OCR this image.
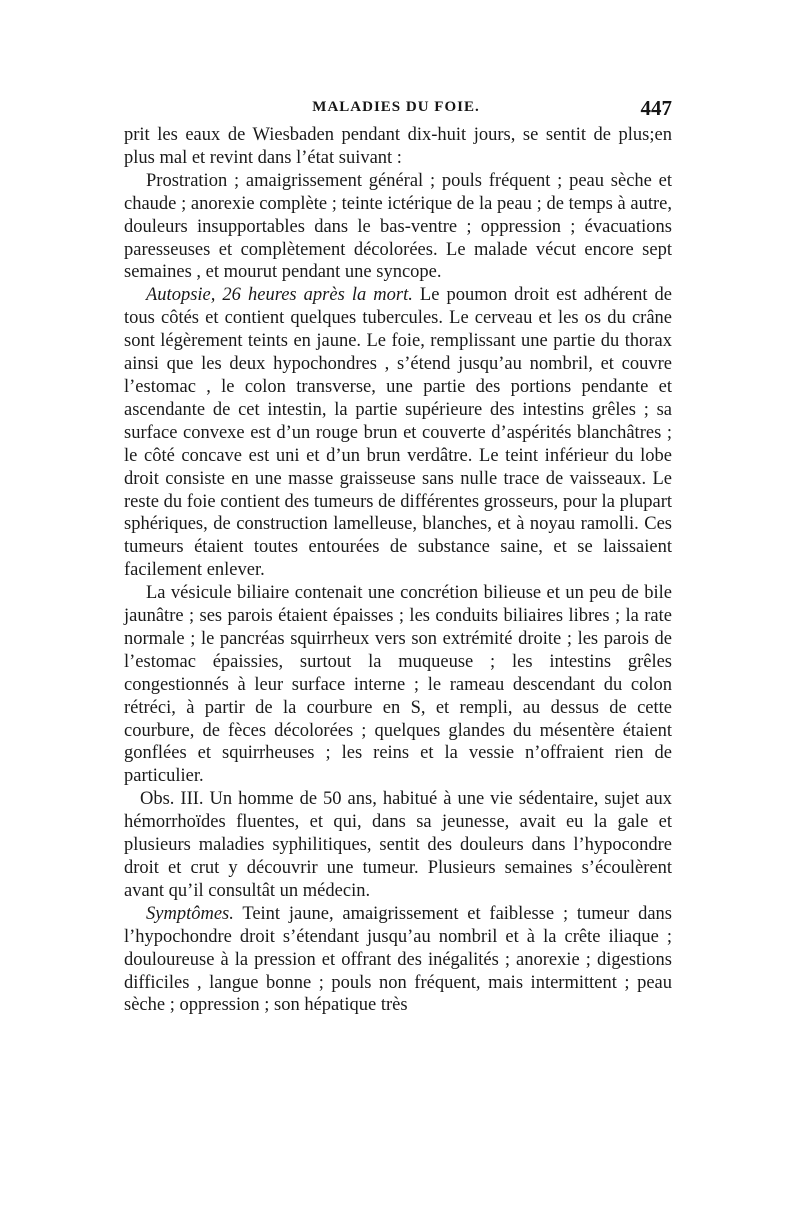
MALADIES DU FOIE.	447

prit les eaux de Wiesbaden pendant dix-huit jours, se sentit de plus;en plus mal et revint dans l’état suivant :

Prostration ; amaigrissement général ; pouls fréquent ; peau sèche et chaude ; anorexie complète ; teinte ictérique de la peau ; de temps à autre, douleurs insupportables dans le bas-ventre ; oppression ; évacuations paresseuses et complètement décolorées. Le malade vécut encore sept semaines , et mourut pendant une syncope.

Autopsie, 26 heures après la mort. Le poumon droit est adhérent de tous côtés et contient quelques tubercules. Le cerveau et les os du crâne sont légèrement teints en jaune. Le foie, remplissant une partie du thorax ainsi que les deux hypochondres , s’étend jusqu’au nombril, et couvre l’estomac , le colon transverse, une partie des portions pendante et ascendante de cet intestin, la partie supérieure des intestins grêles ; sa surface convexe est d’un rouge brun et couverte d’aspérités blanchâtres ; le côté concave est uni et d’un brun verdâtre. Le teint inférieur du lobe droit consiste en une masse graisseuse sans nulle trace de vaisseaux. Le reste du foie contient des tumeurs de différentes grosseurs, pour la plupart sphériques, de construction lamelleuse, blanches, et à noyau ramolli. Ces tumeurs étaient toutes entourées de substance saine, et se laissaient facilement enlever.

La vésicule biliaire contenait une concrétion bilieuse et un peu de bile jaunâtre ; ses parois étaient épaisses ; les conduits biliaires libres ; la rate normale ; le pancréas squirrheux vers son extrémité droite ; les parois de l’estomac épaissies, surtout la muqueuse ; les intestins grêles congestionnés à leur surface interne ; le rameau descendant du colon rétréci, à partir de la courbure en S, et rempli, au dessus de cette courbure, de fèces décolorées ; quelques glandes du mésentère étaient gonflées et squirrheuses ; les reins et la vessie n’offraient rien de particulier.

Obs. III. Un homme de 50 ans, habitué à une vie sédentaire, sujet aux hémorrhoïdes fluentes, et qui, dans sa jeunesse, avait eu la gale et plusieurs maladies syphilitiques, sentit des douleurs dans l’hypocondre droit et crut y découvrir une tumeur. Plusieurs semaines s’écoulèrent avant qu’il consultât un médecin.

Symptômes. Teint jaune, amaigrissement et faiblesse ; tumeur dans l’hypochondre droit s’étendant jusqu’au nombril et à la crête iliaque ; douloureuse à la pression et offrant des inégalités ; anorexie ; digestions difficiles , langue bonne ; pouls non fréquent, mais intermittent ; peau sèche ; oppression ; son hépatique très
